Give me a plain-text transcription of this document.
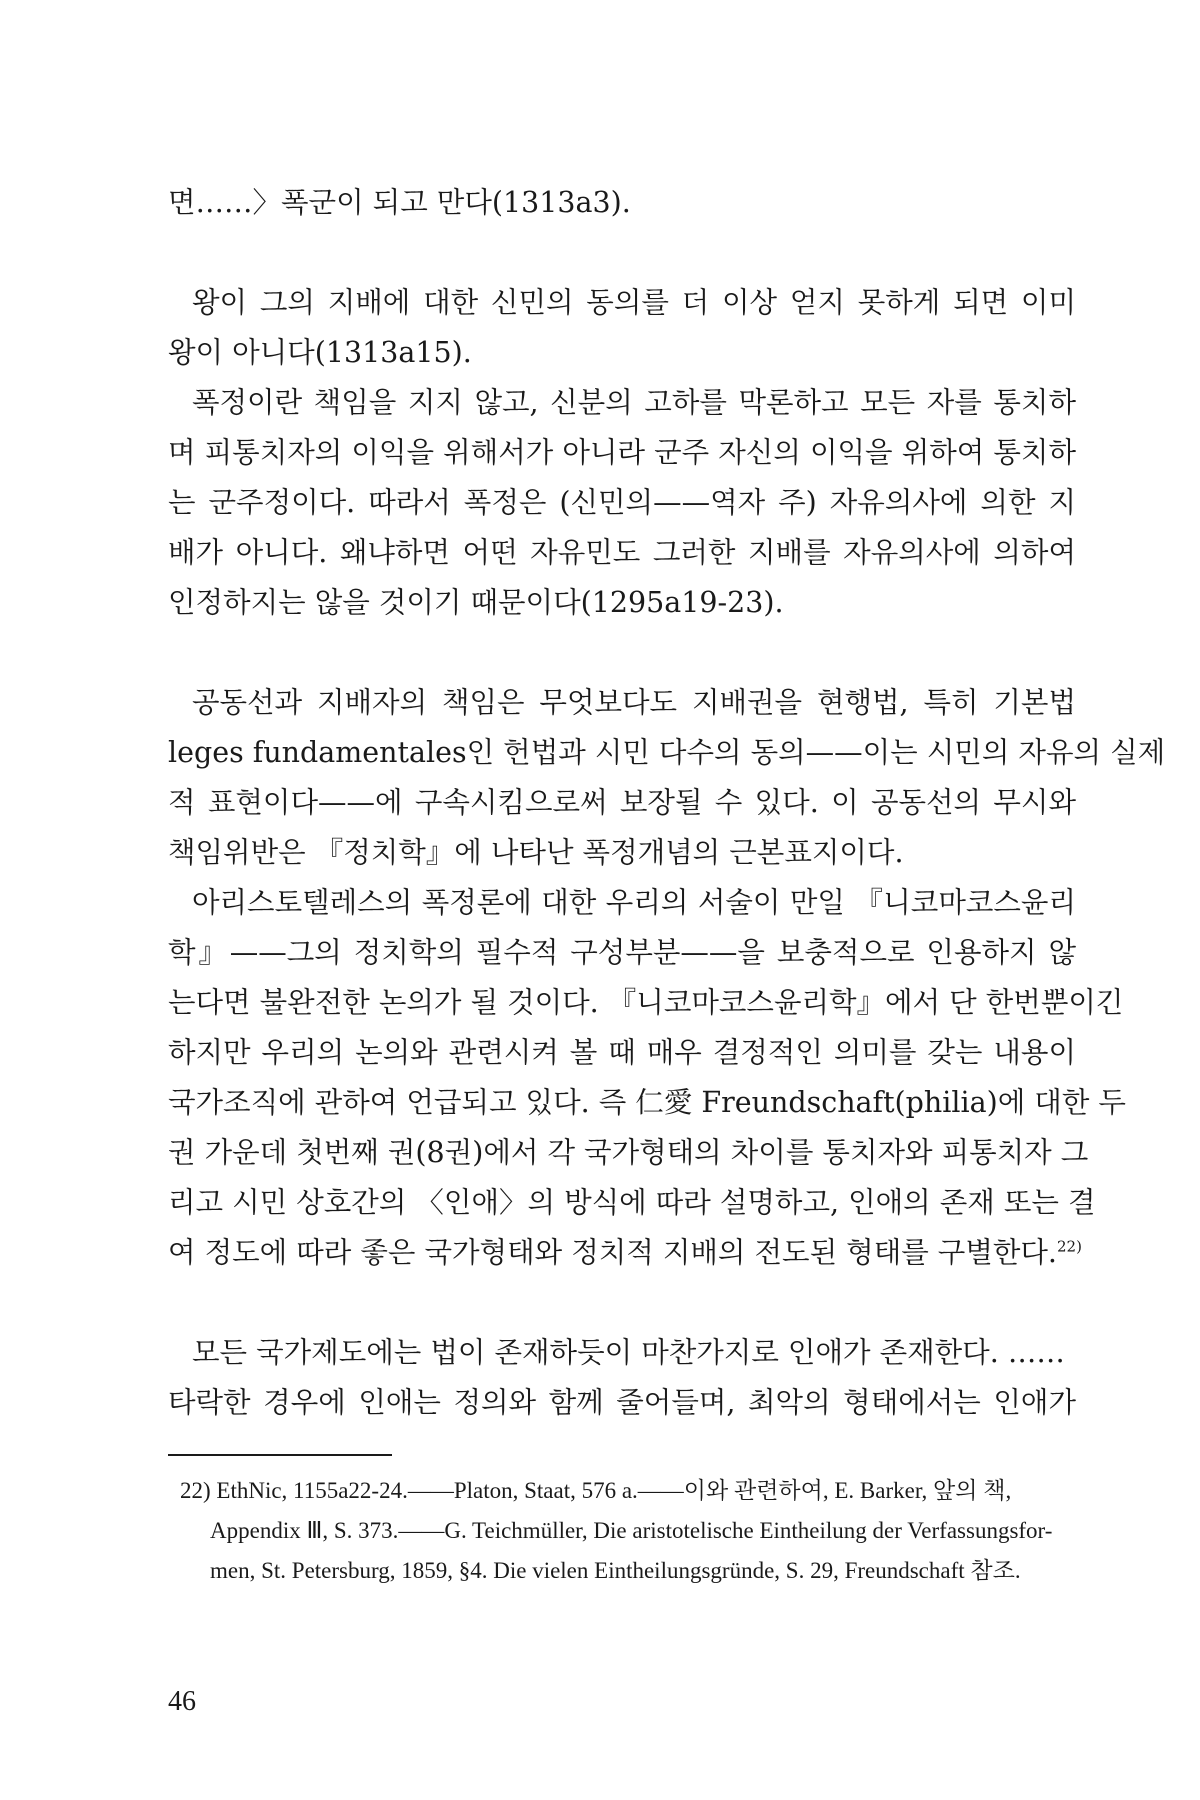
면……〉폭군이 되고 만다(1313a3).
왕이 그의 지배에 대한 신민의 동의를 더 이상 얻지 못하게 되면 이미
왕이 아니다(1313a15).
폭정이란 책임을 지지 않고, 신분의 고하를 막론하고 모든 자를 통치하
며 피통치자의 이익을 위해서가 아니라 군주 자신의 이익을 위하여 통치하
는 군주정이다. 따라서 폭정은 (신민의——역자 주) 자유의사에 의한 지
배가 아니다. 왜냐하면 어떤 자유민도 그러한 지배를 자유의사에 의하여
인정하지는 않을 것이기 때문이다(1295a19-23).
공동선과 지배자의 책임은 무엇보다도 지배권을 현행법, 특히 기본법
leges fundamentales인 헌법과 시민 다수의 동의——이는 시민의 자유의 실제
적 표현이다——에 구속시킴으로써 보장될 수 있다. 이 공동선의 무시와
책임위반은 『정치학』에 나타난 폭정개념의 근본표지이다.
아리스토텔레스의 폭정론에 대한 우리의 서술이 만일 『니코마코스윤리
학』——그의 정치학의 필수적 구성부분——을 보충적으로 인용하지 않
는다면 불완전한 논의가 될 것이다. 『니코마코스윤리학』에서 단 한번뿐이긴
하지만 우리의 논의와 관련시켜 볼 때 매우 결정적인 의미를 갖는 내용이
국가조직에 관하여 언급되고 있다. 즉 仁愛 Freundschaft(philia)에 대한 두
권 가운데 첫번째 권(8권)에서 각 국가형태의 차이를 통치자와 피통치자 그
리고 시민 상호간의 〈인애〉의 방식에 따라 설명하고, 인애의 존재 또는 결
여 정도에 따라 좋은 국가형태와 정치적 지배의 전도된 형태를 구별한다.$^{22)}$
모든 국가제도에는 법이 존재하듯이 마찬가지로 인애가 존재한다. ……
타락한 경우에 인애는 정의와 함께 줄어들며, 최악의 형태에서는 인애가
22) EthNic, 1155a22-24.——Platon, Staat, 576 a.——이와 관련하여, E. Barker, 앞의 책,
Appendix Ⅲ, S. 373.——G. Teichmüller, Die aristotelische Eintheilung der Verfassungsfor-
men, St. Petersburg, 1859, §4. Die vielen Eintheilungsgründe, S. 29, Freundschaft 참조.
46
